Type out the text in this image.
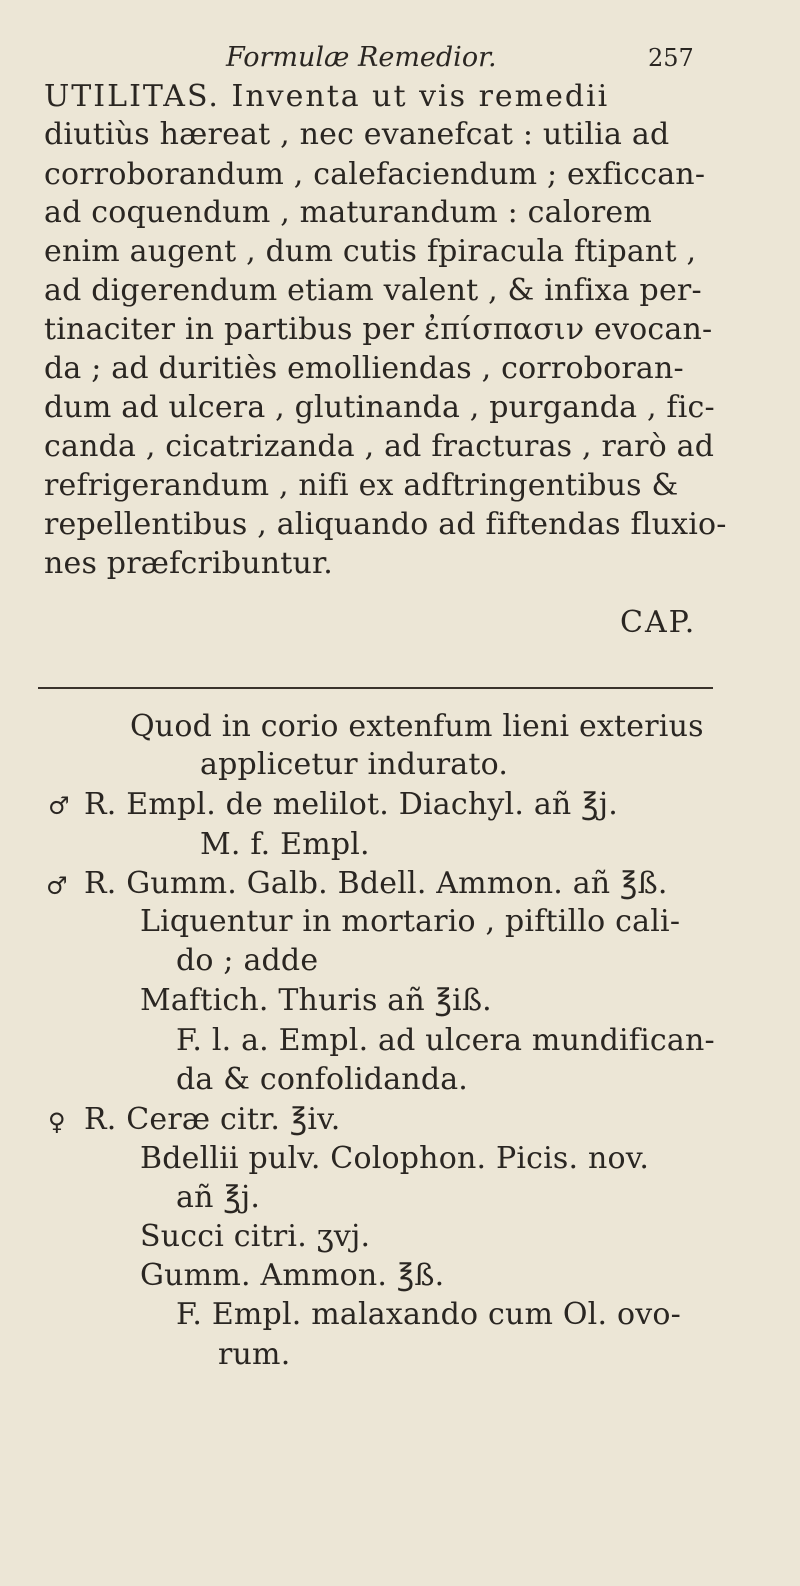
Formulæ Remedior.	257
UTILITAS. Inventa ut vis remedii
diutiùs hæreat , nec evanefcat : utilia ad
corroborandum , calefaciendum ; exficcan-
ad coquendum , maturandum : calorem
enim augent , dum cutis fpiracula ftipant ,
ad digerendum etiam valent , & infixa per-
tinaciter in partibus per ἐπίσπασιν evocan-
da ; ad duritiès emolliendas , corroboran-
dum ad ulcera , glutinanda , purganda , fic-
canda , cicatrizanda , ad fracturas , rarò ad
refrigerandum , nifi ex adftringentibus &
repellentibus , aliquando ad fiftendas fluxio-
nes præfcribuntur.
CAP.
Quod in corio extenfum lieni exterius
applicetur indurato.
♂ R. Empl. de melilot. Diachyl. añ ℥j.
M. f. Empl.
♂ R. Gumm. Galb. Bdell. Ammon. añ ℥ß.
Liquentur in mortario , piftillo cali-
do ; adde
Maftich. Thuris añ ℥iß.
F. l. a. Empl. ad ulcera mundifican-
da & confolidanda.
♀ R. Ceræ citr. ℥iv.
Bdellii pulv. Colophon. Picis. nov.
añ ℥j.
Succi citri. ʒvj.
Gumm. Ammon. ℥ß.
F. Empl. malaxando cum Ol. ovo-
rum.
